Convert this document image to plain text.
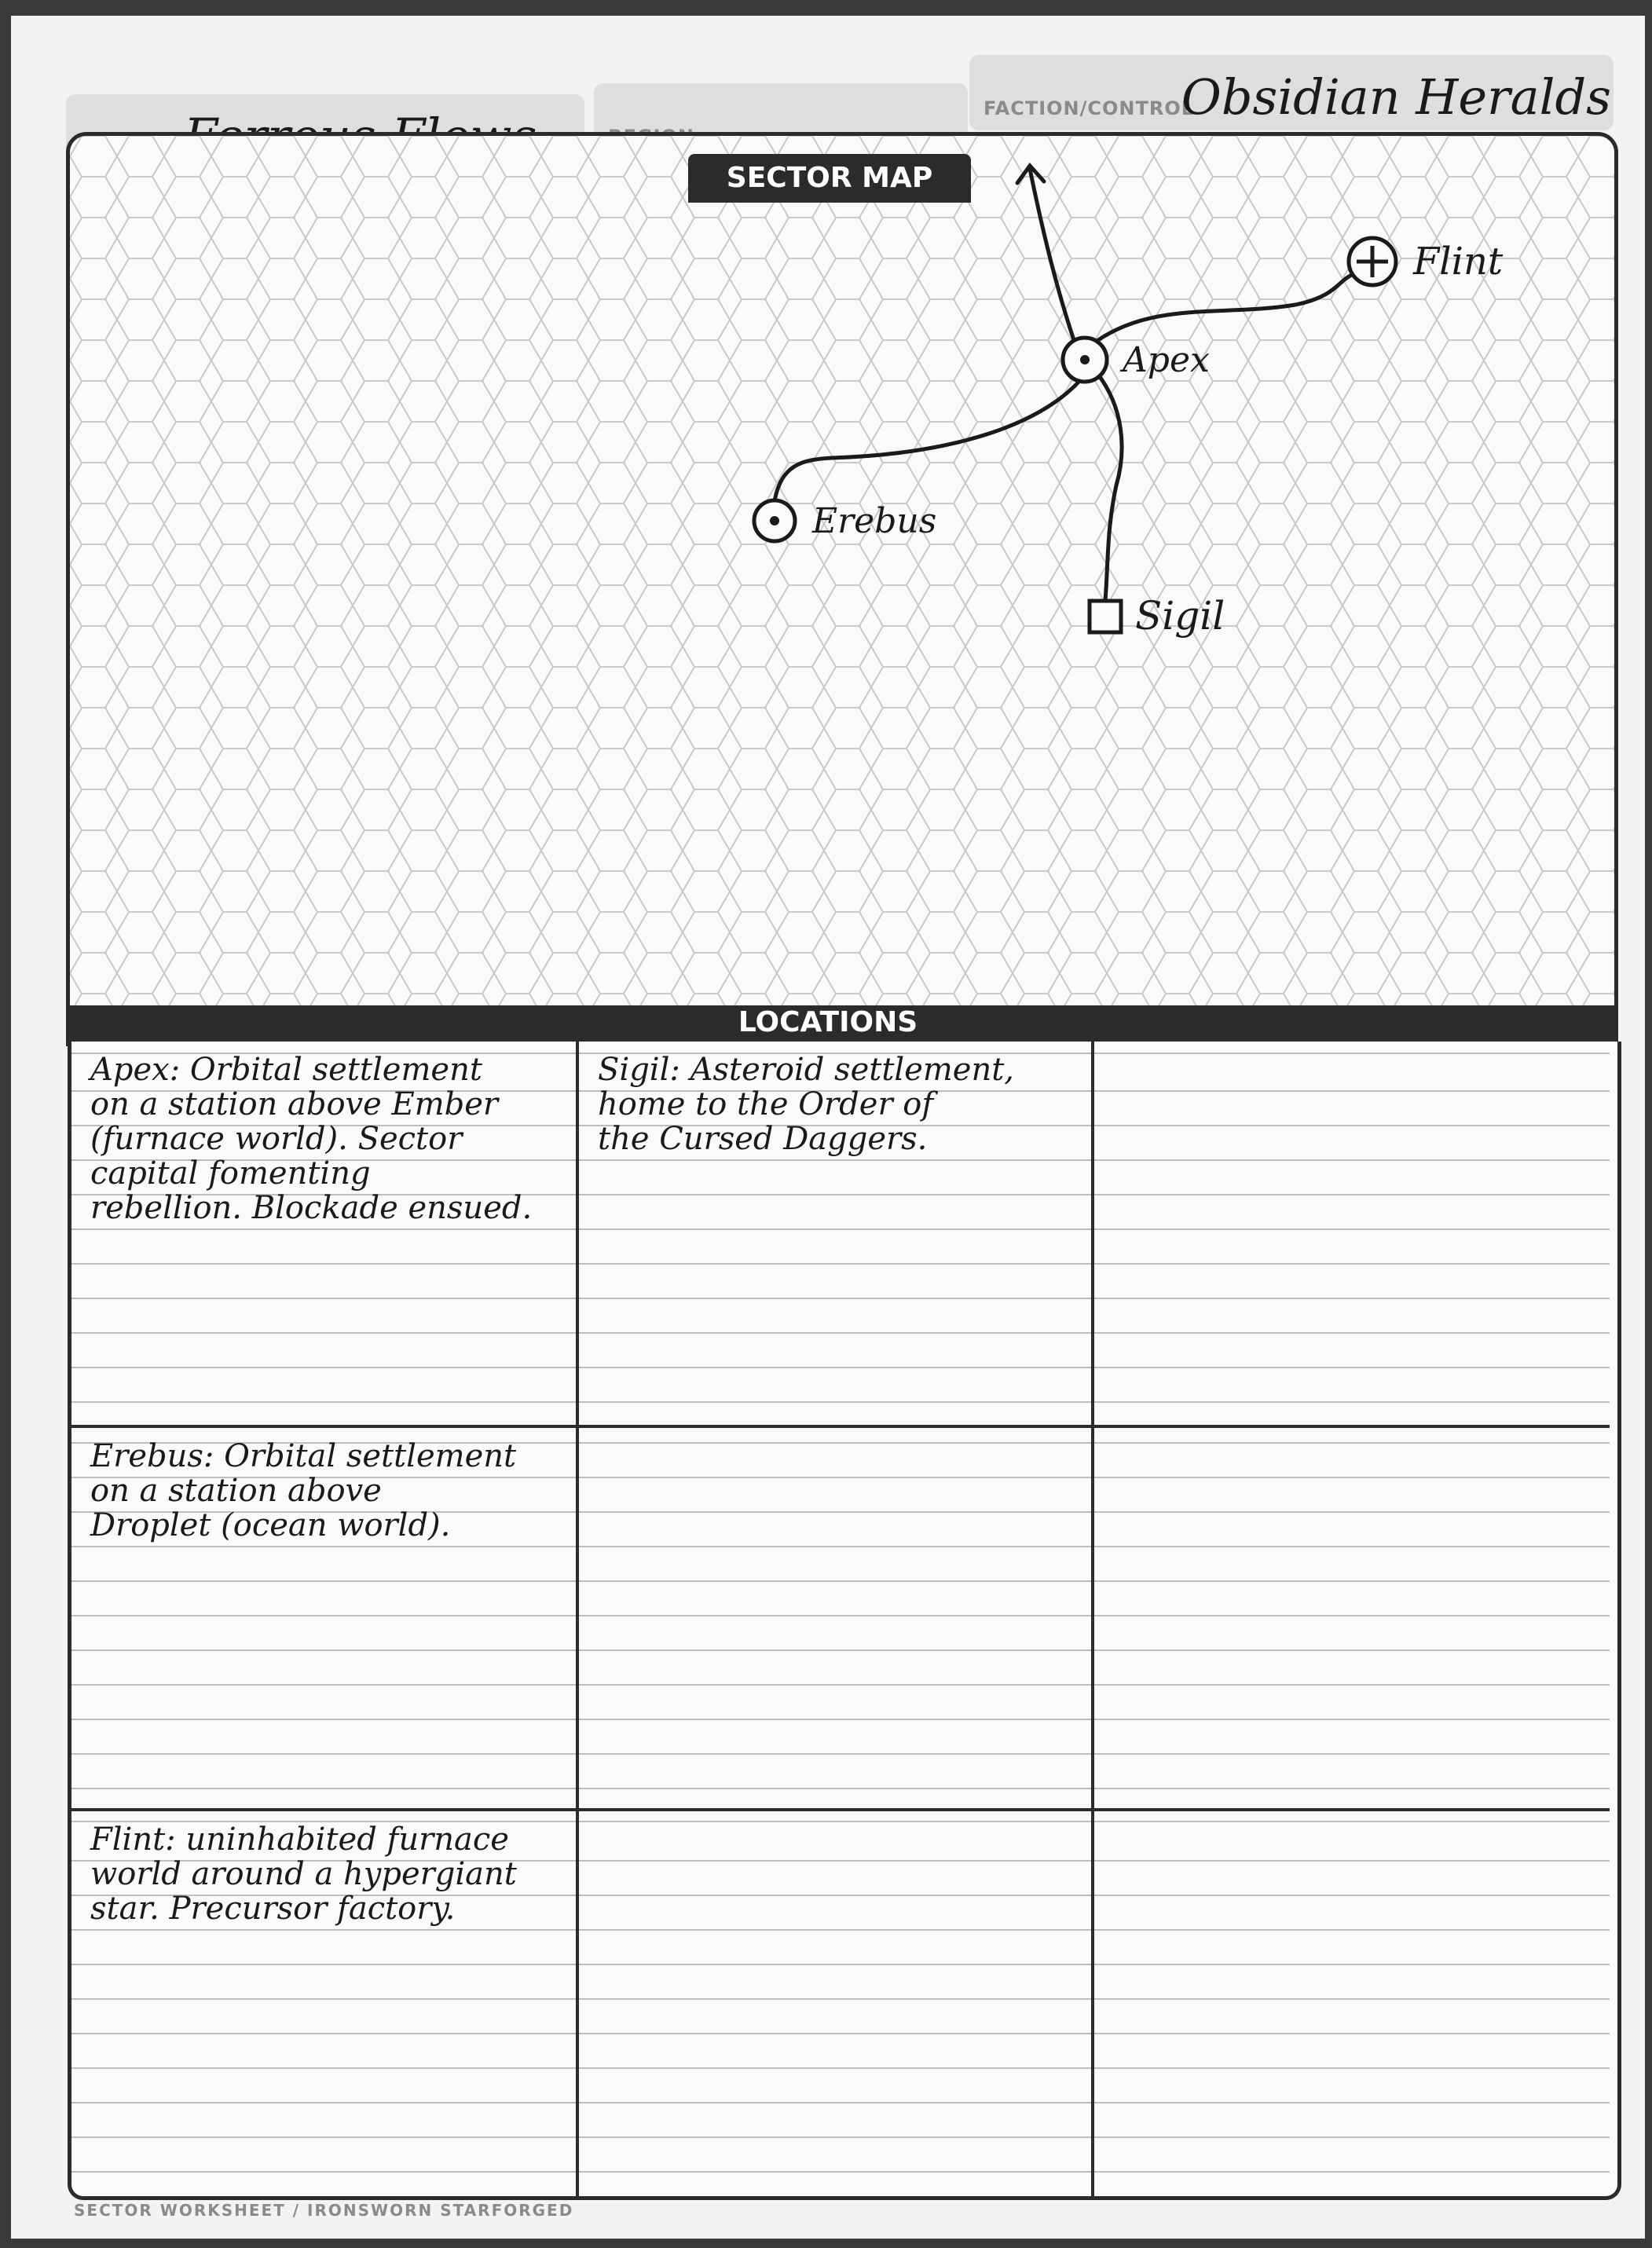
FACTION/CONTROL
Obsidian Heralds
Apex
Flint
Erebus
Sigil
SECTOR MAP
LOCATIONS
Apex: Orbital settlement
on a station above Ember
(furnace world). Sector
capital fomenting
rebellion. Blockade ensued.
Sigil: Asteroid settlement,
home to the Order of
the Cursed Daggers.
Erebus: Orbital settlement
on a station above
Droplet (ocean world).
Flint: uninhabited furnace
world around a hypergiant
star. Precursor factory.
SECTOR WORKSHEET / IRONSWORN STARFORGED
